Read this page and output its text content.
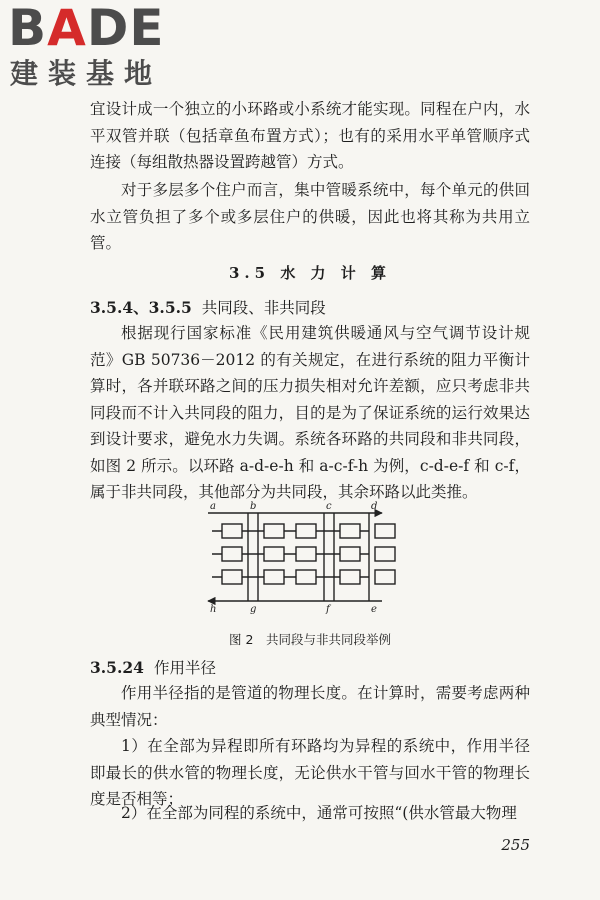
BADE
建装基地
宜设计成一个独立的小环路或小系统才能实现。同程在户内，水平双管并联（包括章鱼布置方式）；也有的采用水平单管顺序式连接（每组散热器设置跨越管）方式。
对于多层多个住户而言，集中管暖系统中，每个单元的供回水立管负担了多个或多层住户的供暖，因此也将其称为共用立管。
3.5 水 力 计 算
3.5.4、3.5.5 共同段、非共同段
根据现行国家标准《民用建筑供暖通风与空气调节设计规范》GB 50736－2012 的有关规定，在进行系统的阻力平衡计算时，各并联环路之间的压力损失相对允许差额，应只考虑非共同段而不计入共同段的阻力，目的是为了保证系统的运行效果达到设计要求，避免水力失调。系统各环路的共同段和非共同段，如图 2 所示。以环路 a-d-e-h 和 a-c-f-h 为例，c-d-e-f 和 c-f，属于非共同段，其他部分为共同段，其余环路以此类推。
a	b	c	d
h	g	f	e
图 2　共同段与非共同段举例
3.5.24 作用半径
作用半径指的是管道的物理长度。在计算时，需要考虑两种典型情况：
1）在全部为异程即所有环路均为异程的系统中，作用半径即最长的供水管的物理长度，无论供水干管与回水干管的物理长度是否相等；
2）在全部为同程的系统中，通常可按照“(供水管最大物理
255
